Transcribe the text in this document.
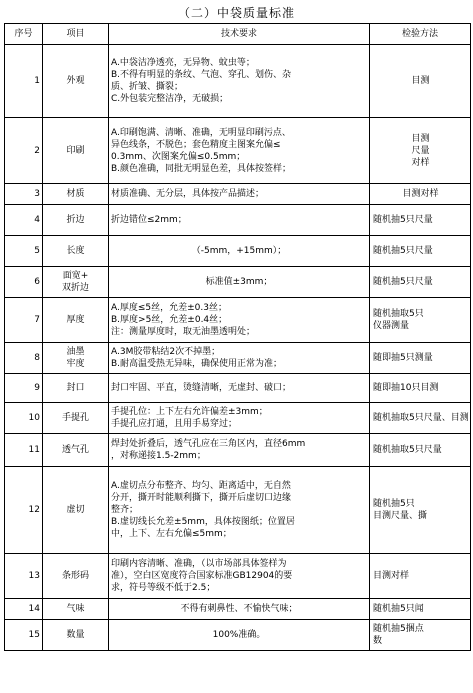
（二）中袋质量标准
序号	项目	技术要求	检验方法
1	外观	A.中袋洁净透亮，无异物、蚊虫等；
B.不得有明显的条纹、气泡、穿孔、划伤、杂
质、折皱、撕裂；
C.外包装完整洁净，无破损；	目测

2	印刷	A.印刷饱满、清晰、准确，无明显印刷污点、
异色线条，不脱色；套色精度主图案允偏≤
0.3mm、次图案允偏≤0.5mm；
B.颜色准确，同批无明显色差，具体按签样；	目测
尺量
对样

3	材质	材质准确、无分层，具体按产品描述；	目测对样

4	折边	折边错位≤2mm；	随机抽5只尺量

5	长度	（-5mm，+15mm）；	随机抽5只尺量

6	面宽+
双折边	标准值±3mm；	随机抽5只尺量

7	厚度	A.厚度≤5丝，允差±0.3丝；
B.厚度>5丝，允差±0.4丝；
注：测量厚度时，取无油墨透明处；	随机抽取5只
仪器测量

8	油墨
牢度	A.3M胶带粘结2次不掉墨；
B.耐高温受热无异味，确保使用正常为准；	随即抽5只测量

9	封口	封口牢固、平直，烫缝清晰，无虚封、破口；	随即抽10只目测

10	手提孔	手提孔位：上下左右允许偏差±3mm；
手提孔应打通，且用手易穿过；	随机抽取5只尺量、目测

11	透气孔	焊封处折叠后，透气孔应在三角区内，直径6mm
，对称递接1.5-2mm；	随机抽取5只尺量

12	虚切	A.虚切点分布整齐、均匀、距离适中，无自然
分开，撕开时能顺利撕下，撕开后虚切口边缘
整齐；
B.虚切线长允差±5mm，具体按图纸；位置居
中，上下、左右允偏≤5mm；	随机抽5只
目测尺量、撕

13	条形码	印刷内容清晰、准确，（以市场部具体签样为
准），空白区宽度符合国家标准GB12904的要
求，符号等级不低于2.5；	目测对样

14	气味	不得有刺鼻性、不愉快气味；	随机抽5只闻

15	数量	100%准确。	随机抽5捆点
数
